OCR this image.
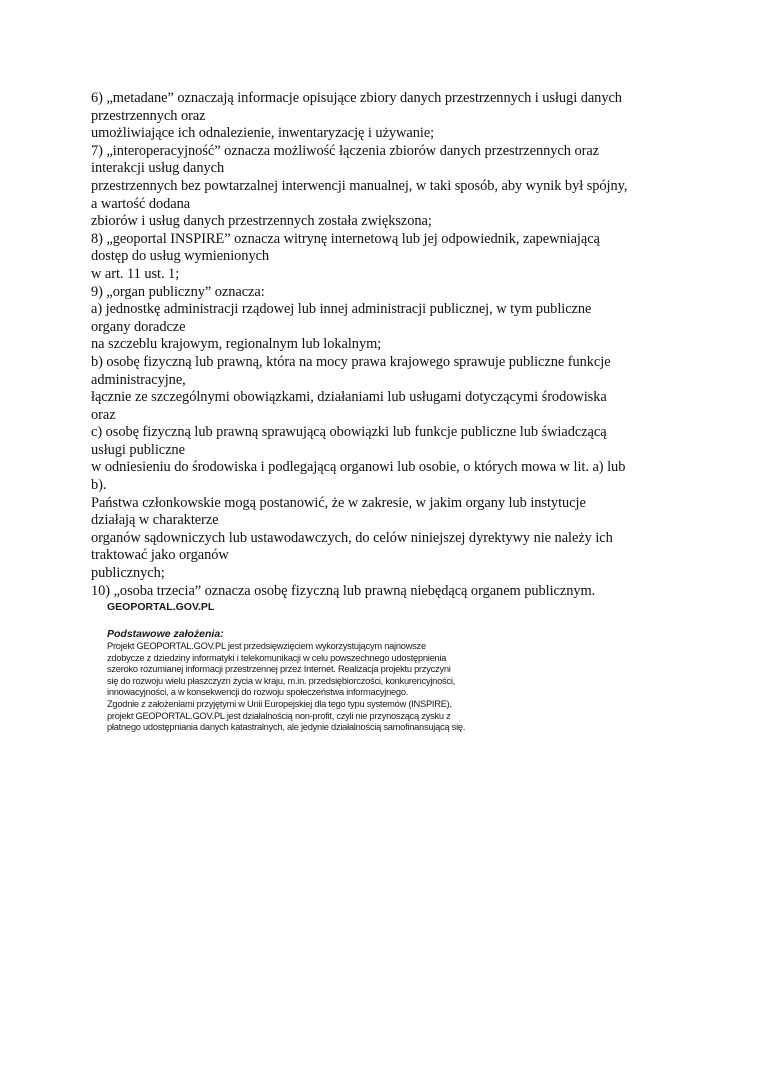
6) „metadane” oznaczają informacje opisujące zbiory danych przestrzennych i usługi danych
przestrzennych oraz
umożliwiające ich odnalezienie, inwentaryzację i używanie;
7) „interoperacyjność” oznacza możliwość łączenia zbiorów danych przestrzennych oraz
interakcji usług danych
przestrzennych bez powtarzalnej interwencji manualnej, w taki sposób, aby wynik był spójny,
a wartość dodana
zbiorów i usług danych przestrzennych została zwiększona;
8) „geoportal INSPIRE” oznacza witrynę internetową lub jej odpowiednik, zapewniającą
dostęp do usług wymienionych
w art. 11 ust. 1;
9) „organ publiczny” oznacza:
a) jednostkę administracji rządowej lub innej administracji publicznej, w tym publiczne
organy doradcze
na szczeblu krajowym, regionalnym lub lokalnym;
b) osobę fizyczną lub prawną, która na mocy prawa krajowego sprawuje publiczne funkcje
administracyjne,
łącznie ze szczególnymi obowiązkami, działaniami lub usługami dotyczącymi środowiska
oraz
c) osobę fizyczną lub prawną sprawującą obowiązki lub funkcje publiczne lub świadczącą
usługi publiczne
w odniesieniu do środowiska i podlegającą organowi lub osobie, o których mowa w lit. a) lub
b).
Państwa członkowskie mogą postanowić, że w zakresie, w jakim organy lub instytucje
działają w charakterze
organów sądowniczych lub ustawodawczych, do celów niniejszej dyrektywy nie należy ich
traktować jako organów
publicznych;
10) „osoba trzecia” oznacza osobę fizyczną lub prawną niebędącą organem publicznym.
GEOPORTAL.GOV.PL
Podstawowe założenia:
Projekt GEOPORTAL.GOV.PL jest przedsięwzięciem wykorzystującym najnowsze
zdobycze z dziedziny informatyki i telekomunikacji w celu powszechnego udostępnienia
szeroko rozumianej informacji przestrzennej przez Internet. Realizacja projektu przyczyni
się do rozwoju wielu płaszczyzn życia w kraju, m.in. przedsiębiorczości, konkurencyjności,
innowacyjności, a w konsekwencji do rozwoju społeczeństwa informacyjnego.
Zgodnie z założeniami przyjętymi w Unii Europejskiej dla tego typu systemów (INSPIRE),
projekt GEOPORTAL.GOV.PL jest działalnością non-profit, czyli nie przynoszącą zysku z
płatnego udostępniania danych katastralnych, ale jedynie działalnością samofinansującą się.
